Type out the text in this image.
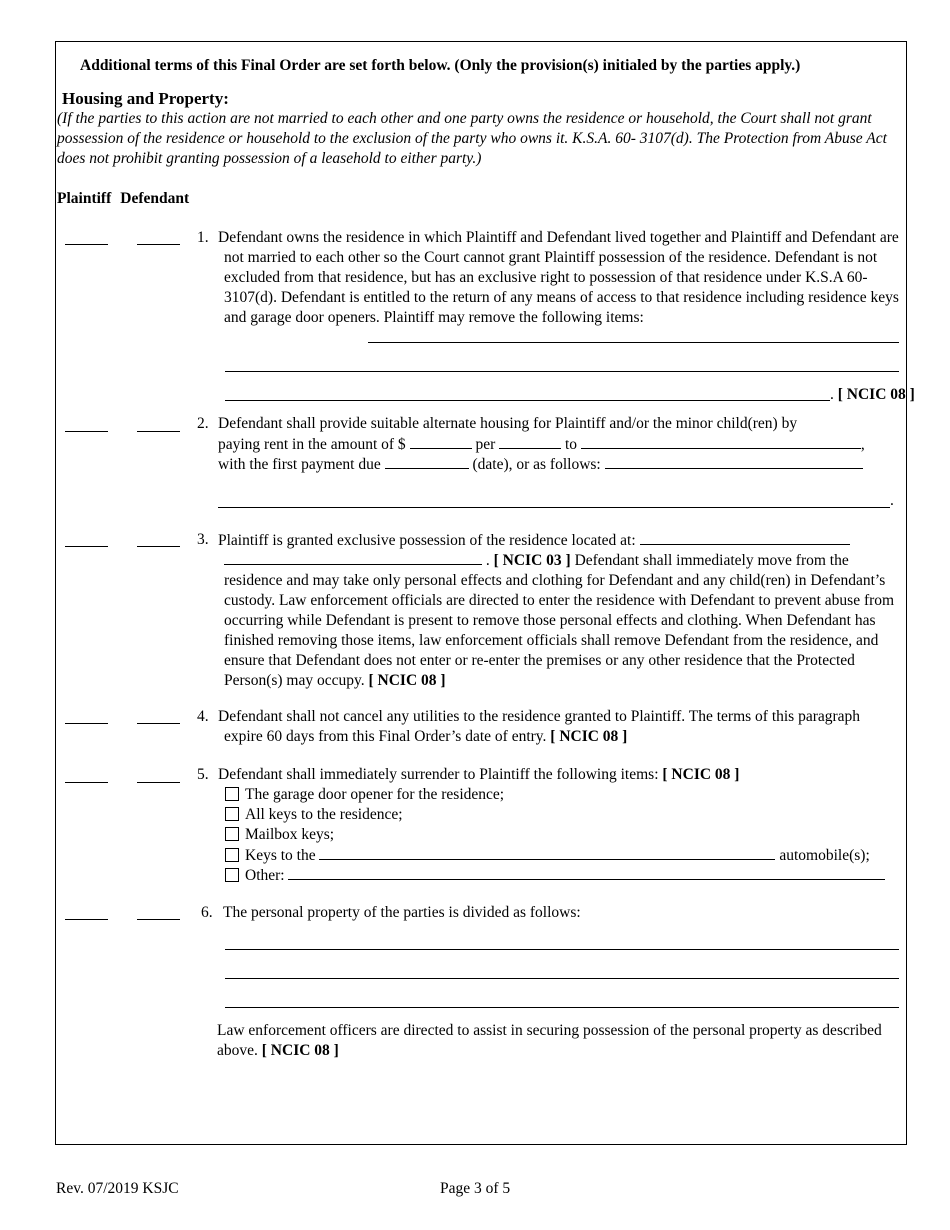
Additional terms of this Final Order are set forth below. (Only the provision(s) initialed by the parties apply.)
Housing and Property:
(If the parties to this action are not married to each other and one party owns the residence or household, the Court shall not grant possession of the residence or household to the exclusion of the party who owns it. K.S.A. 60- 3107(d). The Protection from Abuse Act does not prohibit granting possession of a leasehold to either party.)
Plaintiff Defendant
1. Defendant owns the residence in which Plaintiff and Defendant lived together and Plaintiff and Defendant are not married to each other so the Court cannot grant Plaintiff possession of the residence. Defendant is not excluded from that residence, but has an exclusive right to possession of that residence under K.S.A 60-3107(d). Defendant is entitled to the return of any means of access to that residence including residence keys and garage door openers. Plaintiff may remove the following items:
. [ NCIC 08 ]
2. Defendant shall provide suitable alternate housing for Plaintiff and/or the minor child(ren) by
paying rent in the amount of $	per	to	,
with the first payment due	(date), or as follows:
.
3. Plaintiff is granted exclusive possession of the residence located at:
. [ NCIC 03 ] Defendant shall immediately move from the residence and may take only personal effects and clothing for Defendant and any child(ren) in Defendant’s custody. Law enforcement officials are directed to enter the residence with Defendant to prevent abuse from occurring while Defendant is present to remove those personal effects and clothing. When Defendant has finished removing those items, law enforcement officials shall remove Defendant from the residence, and ensure that Defendant does not enter or re-enter the premises or any other residence that the Protected Person(s) may occupy. [ NCIC 08 ]
4. Defendant shall not cancel any utilities to the residence granted to Plaintiff. The terms of this paragraph expire 60 days from this Final Order’s date of entry. [ NCIC 08 ]
5. Defendant shall immediately surrender to Plaintiff the following items: [ NCIC 08 ]
The garage door opener for the residence;
All keys to the residence;
Mailbox keys;
Keys to the	automobile(s);
Other:
6. The personal property of the parties is divided as follows:
Law enforcement officers are directed to assist in securing possession of the personal property as described above. [ NCIC 08 ]
Rev. 07/2019 KSJC	Page 3 of 5
